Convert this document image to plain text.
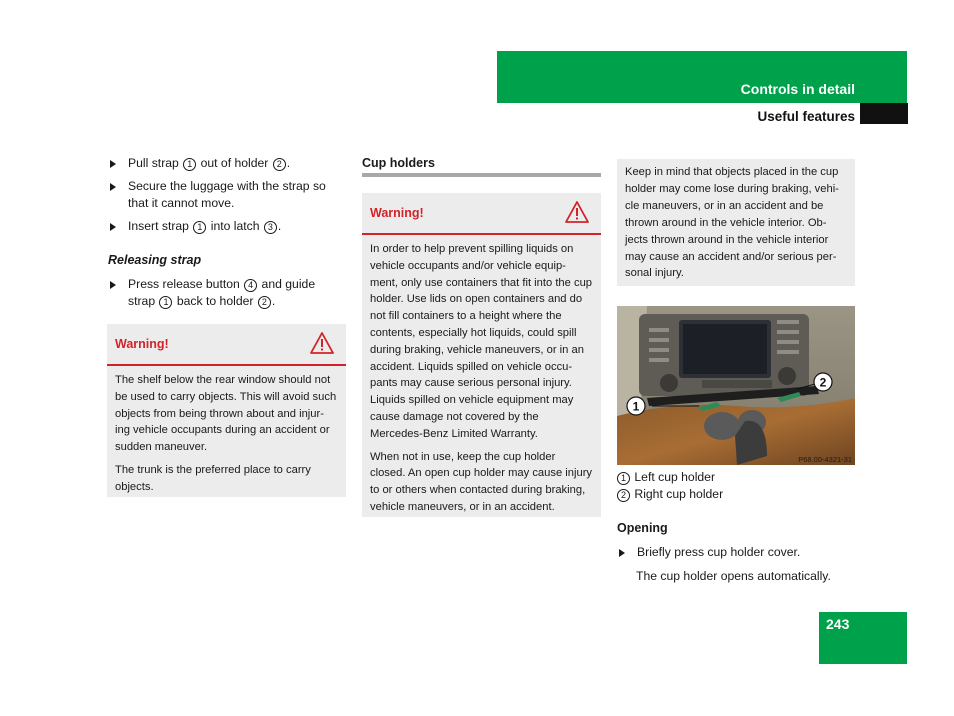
Controls in detail
Useful features

Pull strap 1 out of holder 2 .

Secure the luggage with the strap so that it cannot move.

Insert strap 1 into latch 3 .

Releasing strap

Press release button 4 and guide strap 1 back to holder 2 .

Warning!

The shelf below the rear window should not be used to carry objects. This will avoid such objects from being thrown about and injur-ing vehicle occupants during an accident or sudden maneuver.

The trunk is the preferred place to carry objects.

Cup holders
Warning!

In order to help prevent spilling liquids on vehicle occupants and/or vehicle equip-ment, only use containers that fit into the cup holder. Use lids on open containers and do not fill containers to a height where the contents, especially hot liquids, could spill during braking, vehicle maneuvers, or in an accident. Liquids spilled on vehicle occu-pants may cause serious personal injury. Liquids spilled on vehicle equipment may cause damage not covered by the Mercedes-Benz Limited Warranty.

When not in use, keep the cup holder closed. An open cup holder may cause injury to or others when contacted during braking, vehicle maneuvers, or in an accident.

Keep in mind that objects placed in the cup holder may come lose during braking, vehi-cle maneuvers, or in an accident and be thrown around in the vehicle interior. Ob-jects thrown around in the vehicle interior may cause an accident and/or serious per-sonal injury.

1
2
P68.00-4321-31
1 Left cup holder
2 Right cup holder
Opening

Briefly press cup holder cover.

The cup holder opens automatically.

243
